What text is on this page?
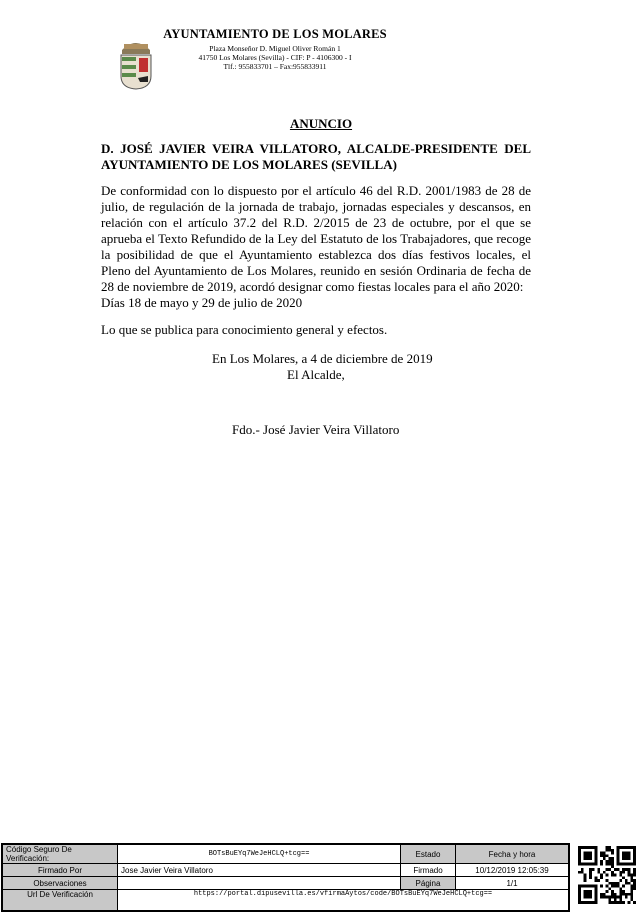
AYUNTAMIENTO DE LOS MOLARES
Plaza Monseñor D. Miguel Oliver Román 1
41750 Los Molares (Sevilla) - CIF: P - 4106300 - I
Tlf.: 955833701 – Fax:955833911
ANUNCIO
D. JOSÉ JAVIER VEIRA VILLATORO, ALCALDE-PRESIDENTE DEL AYUNTAMIENTO DE LOS MOLARES (SEVILLA)
De conformidad con lo dispuesto por el artículo 46 del R.D. 2001/1983 de 28 de julio, de regulación de la jornada de trabajo, jornadas especiales y descansos, en relación con el artículo 37.2 del R.D. 2/2015 de 23 de octubre, por el que se aprueba el Texto Refundido de la Ley del Estatuto de los Trabajadores, que recoge la posibilidad de que el Ayuntamiento establezca dos días festivos locales, el Pleno del Ayuntamiento de Los Molares, reunido en sesión Ordinaria de fecha de 28 de noviembre de 2019, acordó designar como fiestas locales para el año 2020:
Días 18 de mayo y 29 de julio de 2020
Lo que se publica para conocimiento general y efectos.
En Los Molares, a 4 de diciembre de 2019
El Alcalde,
Fdo.- José Javier Veira Villatoro
Código Seguro De Verificación:	BOTsBuEYq7WeJeHCLQ+tcg==	Estado	Fecha y hora
Firmado Por	Jose Javier Veira Villatoro	Firmado	10/12/2019 12:05:39
Observaciones		Página	1/1
Url De Verificación	https://portal.dipusevilla.es/vfirmaAytos/code/BOTsBuEYq7WeJeHCLQ+tcg==		
